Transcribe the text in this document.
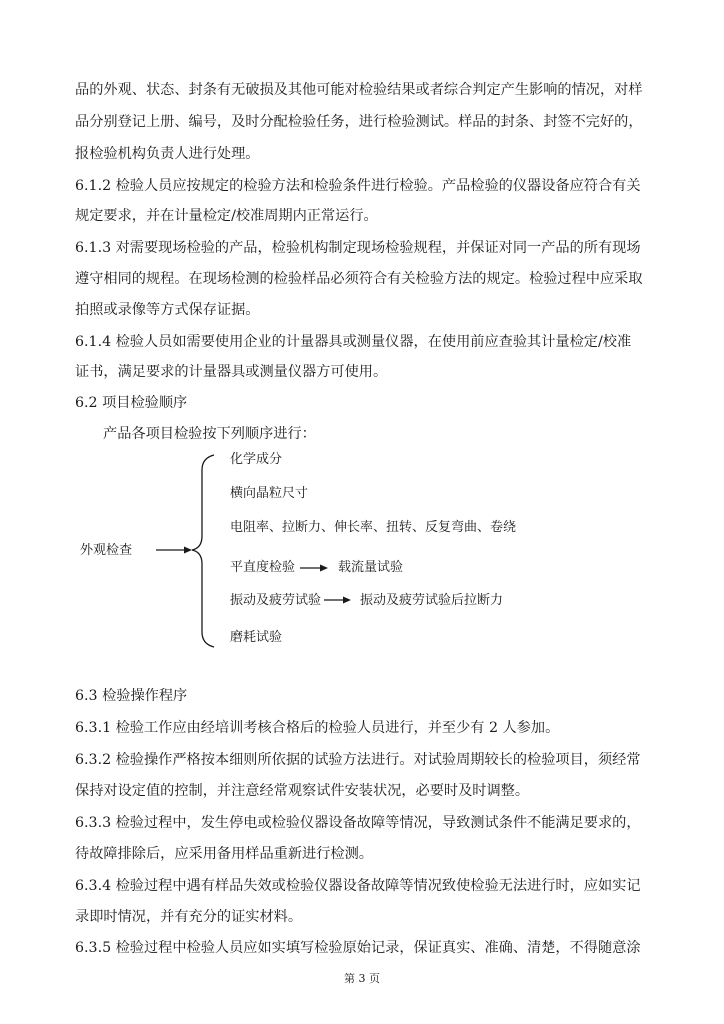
品的外观、状态、封条有无破损及其他可能对检验结果或者综合判定产生影响的情况，对样
品分别登记上册、编号，及时分配检验任务，进行检验测试。样品的封条、封签不完好的，
报检验机构负责人进行处理。
6.1.2 检验人员应按规定的检验方法和检验条件进行检验。产品检验的仪器设备应符合有关
规定要求，并在计量检定/校准周期内正常运行。
6.1.3 对需要现场检验的产品，检验机构制定现场检验规程，并保证对同一产品的所有现场
遵守相同的规程。在现场检测的检验样品必须符合有关检验方法的规定。检验过程中应采取
拍照或录像等方式保存证据。
6.1.4 检验人员如需要使用企业的计量器具或测量仪器，在使用前应查验其计量检定/校准
证书，满足要求的计量器具或测量仪器方可使用。
6.2 项目检验顺序
产品各项目检验按下列顺序进行：
外观检查
化学成分
横向晶粒尺寸
电阻率、拉断力、伸长率、扭转、反复弯曲、卷绕
平直度检验	载流量试验
振动及疲劳试验	振动及疲劳试验后拉断力
磨耗试验
6.3 检验操作程序
6.3.1 检验工作应由经培训考核合格后的检验人员进行，并至少有 2 人参加。
6.3.2 检验操作严格按本细则所依据的试验方法进行。对试验周期较长的检验项目，须经常
保持对设定值的控制，并注意经常观察试件安装状况，必要时及时调整。
6.3.3 检验过程中，发生停电或检验仪器设备故障等情况，导致测试条件不能满足要求的，
待故障排除后，应采用备用样品重新进行检测。
6.3.4 检验过程中遇有样品失效或检验仪器设备故障等情况致使检验无法进行时，应如实记
录即时情况，并有充分的证实材料。
6.3.5 检验过程中检验人员应如实填写检验原始记录，保证真实、准确、清楚，不得随意涂
第 3 页
